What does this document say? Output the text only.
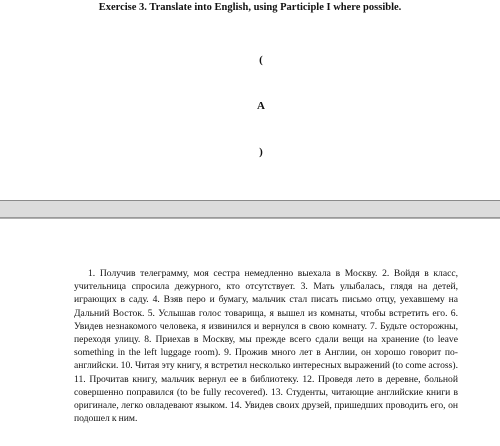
Exercise 3. Translate into English, using Participle I where possible.
(
A
)
1. Получив телеграмму, моя сестра немедленно выехала в Москву. 2. Войдя в класс, учительница спросила дежурного, кто отсутствует. 3. Мать улыбалась, глядя на детей, играющих в саду. 4. Взяв перо и бумагу, мальчик стал писать письмо отцу, уехавшему на Дальний Восток. 5. Услышав голос товарища, я вышел из комнаты, чтобы встретить его. 6. Увидев незнакомого человека, я извинился и вернулся в свою комнату. 7. Будьте осторожны, переходя улицу. 8. Приехав в Москву, мы прежде всего сдали вещи на хранение (to leave something in the left luggage room). 9. Прожив много лет в Англии, он хорошо говорит по-английски. 10. Читая эту книгу, я встретил несколько интересных выражений (to come across). 11. Прочитав книгу, мальчик вернул ее в библиотеку. 12. Проведя лето в деревне, больной совершенно поправился (to be fully recovered). 13. Студенты, читающие английские книги в оригинале, легко овладевают языком. 14. Увидев своих друзей, пришедших проводить его, он подошел к ним.
